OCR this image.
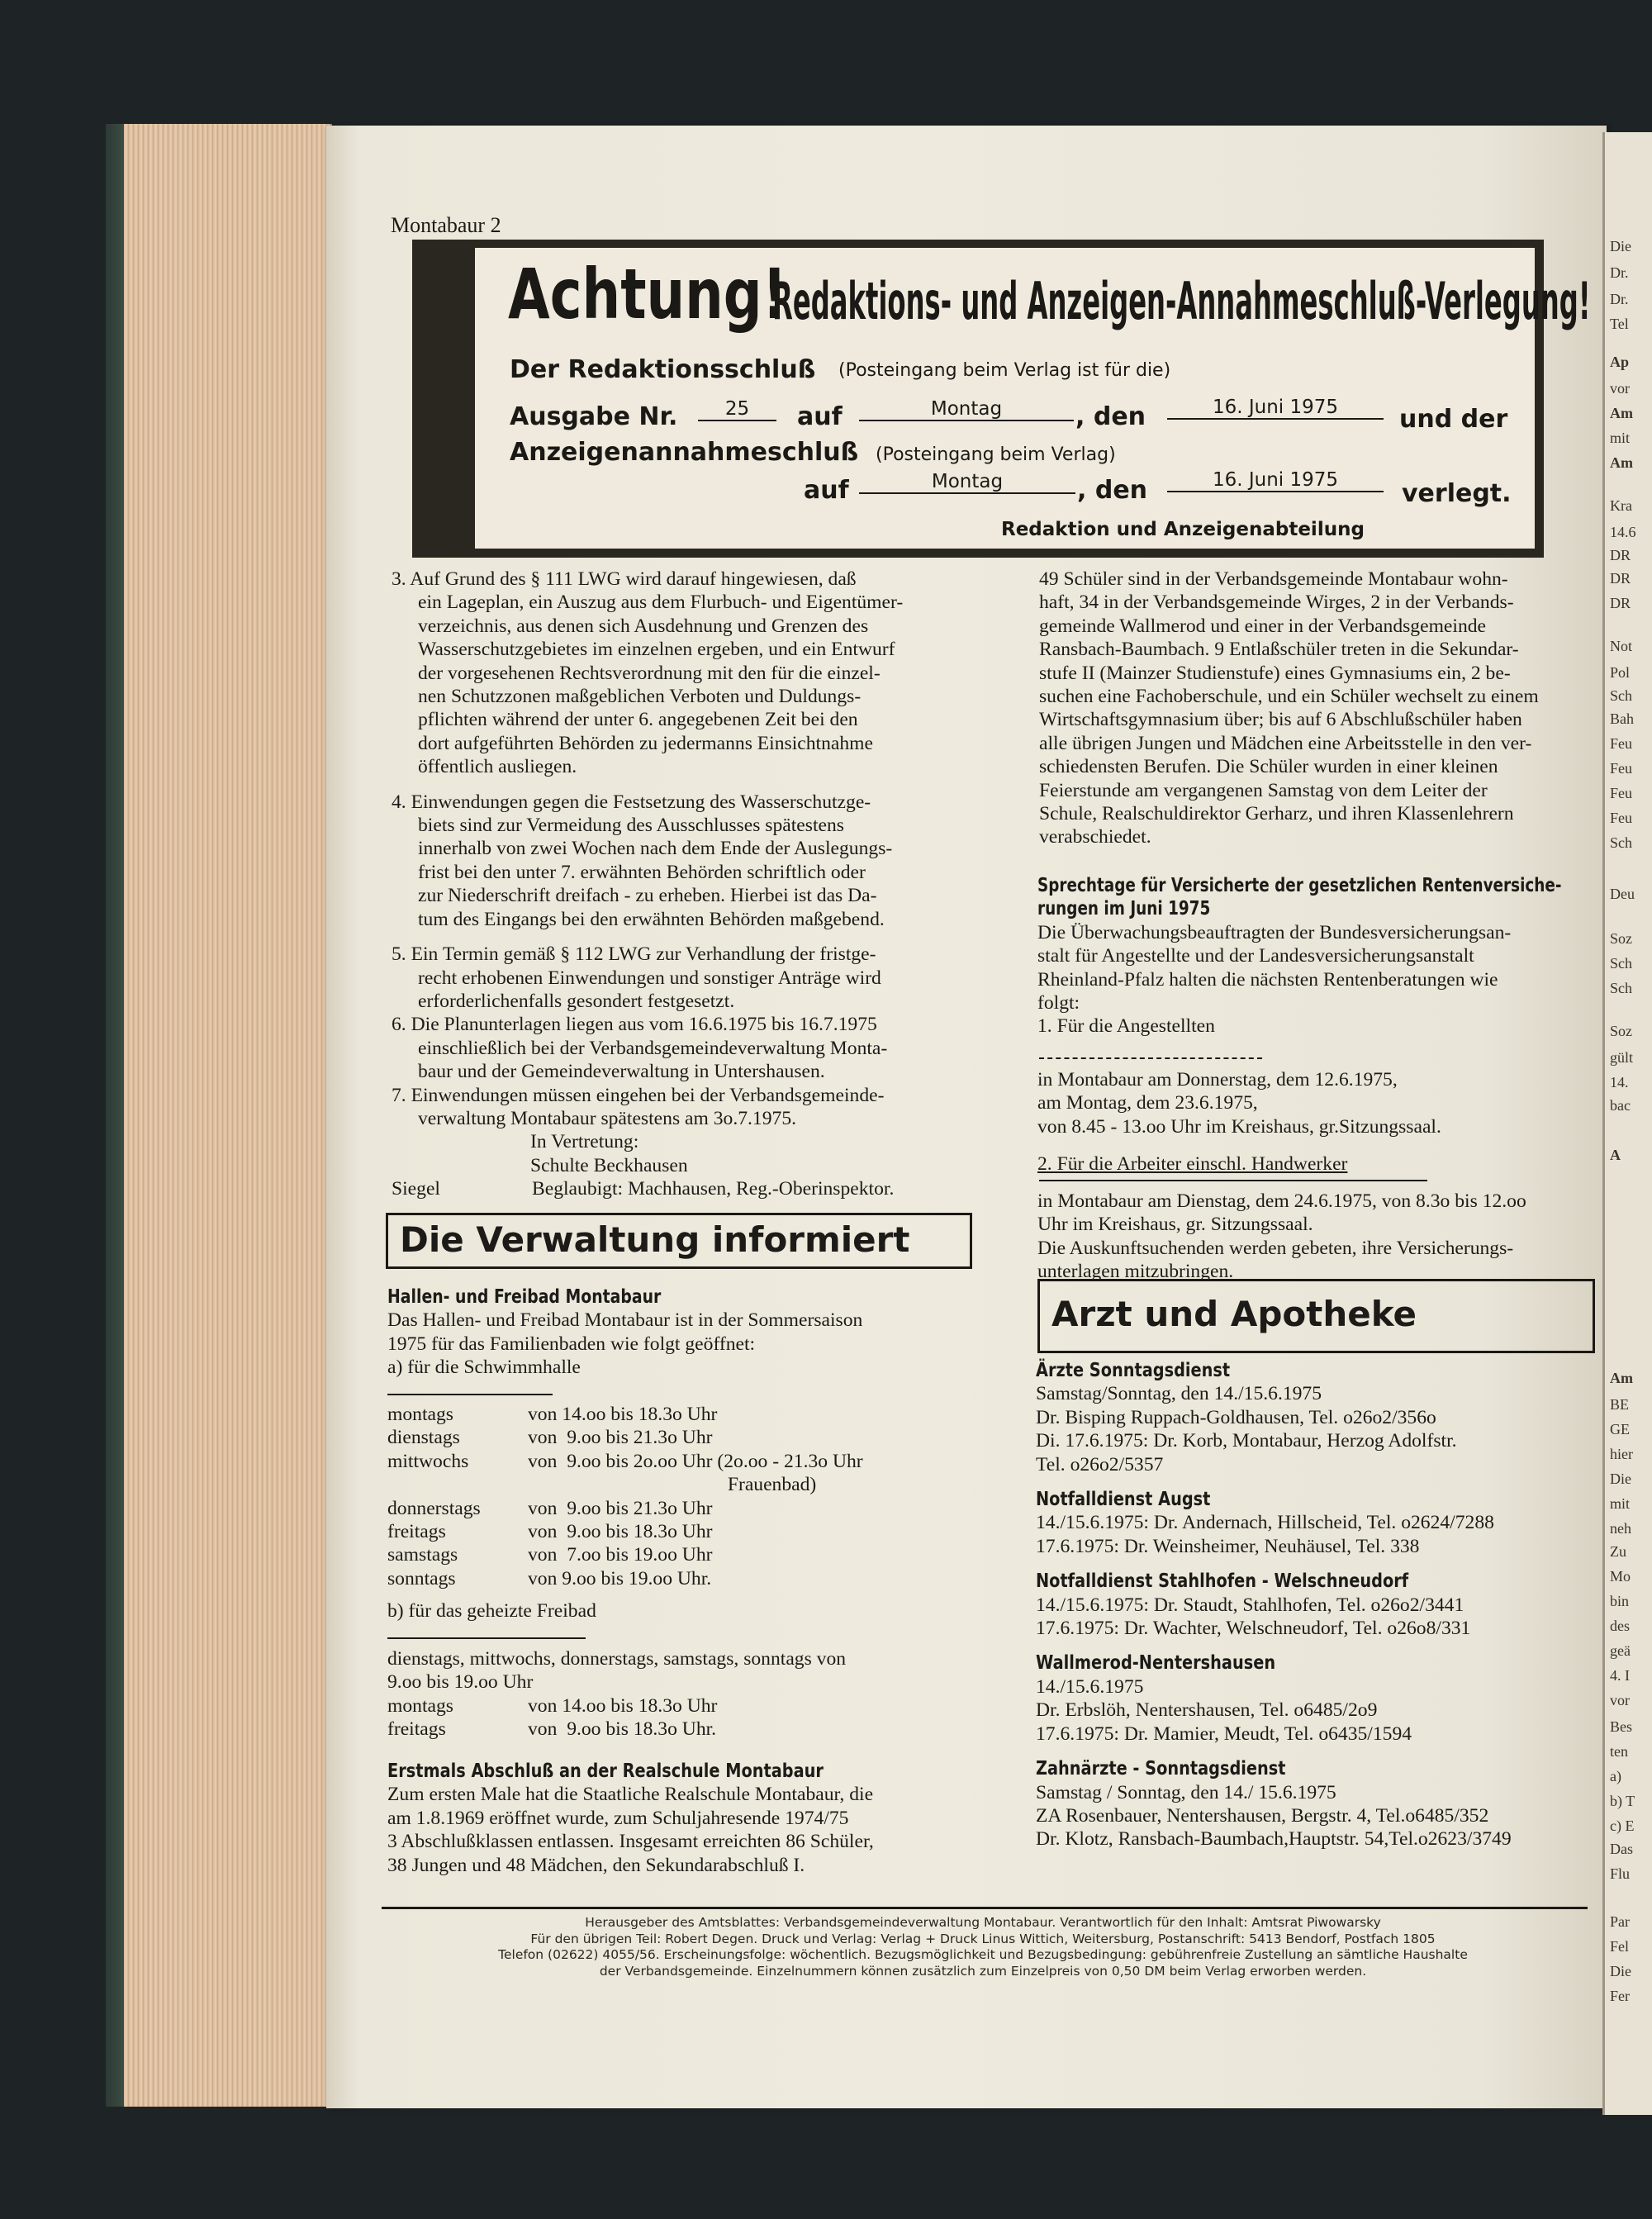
Die
Dr.
Dr.
Tel
Ap
vor
Am
mit
Am
Kra
14.6
DR
DR
DR
Not
Pol
Sch
Bah
Feu
Feu
Feu
Feu
Sch
Deu
Soz
Sch
Sch
Soz
gült
14.
bac
A
Am
BE
GE
hier
Die
mit
neh
Zu
Mo
bin
des
geä
4. I
vor
Bes
ten
a)
b) T
c) E
Das
Flu
Par
Fel
Die
Fer
Montabaur 2
Achtung!
Redaktions- und Anzeigen-Annahmeschluß-Verlegung!
Der Redaktionsschluß (Posteingang beim Verlag ist für die)
Ausgabe Nr.	25	auf	Montag	, den	16. Juni 1975	und der
Anzeigenannahmeschluß (Posteingang beim Verlag)
auf	Montag	, den	16. Juni 1975	verlegt.
Redaktion und Anzeigenabteilung

3. Auf Grund des § 111 LWG wird darauf hingewiesen, daß

ein Lageplan, ein Auszug aus dem Flurbuch- und Eigentümer-

verzeichnis, aus denen sich Ausdehnung und Grenzen des

Wasserschutzgebietes im einzelnen ergeben, und ein Entwurf

der vorgesehenen Rechtsverordnung mit den für die einzel-

nen Schutzzonen maßgeblichen Verboten und Duldungs-

pflichten während der unter 6. angegebenen Zeit bei den

dort aufgeführten Behörden zu jedermanns Einsichtnahme

öffentlich ausliegen.

4. Einwendungen gegen die Festsetzung des Wasserschutzge-

biets sind zur Vermeidung des Ausschlusses spätestens

innerhalb von zwei Wochen nach dem Ende der Auslegungs-

frist bei den unter 7. erwähnten Behörden schriftlich oder

zur Niederschrift dreifach - zu erheben. Hierbei ist das Da-

tum des Eingangs bei den erwähnten Behörden maßgebend.

5. Ein Termin gemäß § 112 LWG zur Verhandlung der fristge-

recht erhobenen Einwendungen und sonstiger Anträge wird

erforderlichenfalls gesondert festgesetzt.

6. Die Planunterlagen liegen aus vom 16.6.1975 bis 16.7.1975

einschließlich bei der Verbandsgemeindeverwaltung Monta-

baur und der Gemeindeverwaltung in Untershausen.

7. Einwendungen müssen eingehen bei der Verbandsgemeinde-

verwaltung Montabaur spätestens am 3o.7.1975.

In Vertretung:

Schulte Beckhausen

Siegel	Beglaubigt: Machhausen, Reg.-Oberinspektor.

Die Verwaltung informiert

Hallen- und Freibad Montabaur

Das Hallen- und Freibad Montabaur ist in der Sommersaison

1975 für das Familienbaden wie folgt geöffnet:

a) für die Schwimmhalle

montags	von 14.oo bis 18.3o Uhr

dienstags	von  9.oo bis 21.3o Uhr

mittwochs	von  9.oo bis 2o.oo Uhr (2o.oo - 21.3o Uhr

Frauenbad)

donnerstags von  9.oo bis 21.3o Uhr

freitags	von  9.oo bis 18.3o Uhr

samstags	von  7.oo bis 19.oo Uhr

sonntags	von 9.oo bis 19.oo Uhr.

b) für das geheizte Freibad

dienstags, mittwochs, donnerstags, samstags, sonntags von

9.oo bis 19.oo Uhr

montags	von 14.oo bis 18.3o Uhr

freitags	von  9.oo bis 18.3o Uhr.

Erstmals Abschluß an der Realschule Montabaur

Zum ersten Male hat die Staatliche Realschule Montabaur, die

am 1.8.1969 eröffnet wurde, zum Schuljahresende 1974/75

3 Abschlußklassen entlassen. Insgesamt erreichten 86 Schüler,

38 Jungen und 48 Mädchen, den Sekundarabschluß I.

49 Schüler sind in der Verbandsgemeinde Montabaur wohn-

haft, 34 in der Verbandsgemeinde Wirges, 2 in der Verbands-

gemeinde Wallmerod und einer in der Verbandsgemeinde

Ransbach-Baumbach. 9 Entlaßschüler treten in die Sekundar-

stufe II (Mainzer Studienstufe) eines Gymnasiums ein, 2 be-

suchen eine Fachoberschule, und ein Schüler wechselt zu einem

Wirtschaftsgymnasium über; bis auf 6 Abschlußschüler haben

alle übrigen Jungen und Mädchen eine Arbeitsstelle in den ver-

schiedensten Berufen. Die Schüler wurden in einer kleinen

Feierstunde am vergangenen Samstag von dem Leiter der

Schule, Realschuldirektor Gerharz, und ihren Klassenlehrern

verabschiedet.

Sprechtage für Versicherte der gesetzlichen Rentenversiche-

rungen im Juni 1975

Die Überwachungsbeauftragten der Bundesversicherungsan-

stalt für Angestellte und der Landesversicherungsanstalt

Rheinland-Pfalz halten die nächsten Rentenberatungen wie

folgt:

1. Für die Angestellten

in Montabaur am Donnerstag, dem 12.6.1975,

am Montag, dem 23.6.1975,

von 8.45 - 13.oo Uhr im Kreishaus, gr.Sitzungssaal.

2. Für die Arbeiter einschl. Handwerker

in Montabaur am Dienstag, dem 24.6.1975, von 8.3o bis 12.oo

Uhr im Kreishaus, gr. Sitzungssaal.

Die Auskunftsuchenden werden gebeten, ihre Versicherungs-

unterlagen mitzubringen.

Arzt und Apotheke

Ärzte Sonntagsdienst

Samstag/Sonntag, den 14./15.6.1975

Dr. Bisping Ruppach-Goldhausen, Tel. o26o2/356o

Di. 17.6.1975: Dr. Korb, Montabaur, Herzog Adolfstr.

Tel. o26o2/5357

Notfalldienst Augst

14./15.6.1975: Dr. Andernach, Hillscheid, Tel. o2624/7288

17.6.1975: Dr. Weinsheimer, Neuhäusel, Tel. 338

Notfalldienst Stahlhofen - Welschneudorf

14./15.6.1975: Dr. Staudt, Stahlhofen, Tel. o26o2/3441

17.6.1975: Dr. Wachter, Welschneudorf, Tel. o26o8/331

Wallmerod-Nentershausen

14./15.6.1975

Dr. Erbslöh, Nentershausen, Tel. o6485/2o9

17.6.1975: Dr. Mamier, Meudt, Tel. o6435/1594

Zahnärzte - Sonntagsdienst

Samstag / Sonntag, den 14./ 15.6.1975

ZA Rosenbauer, Nentershausen, Bergstr. 4, Tel.o6485/352

Dr. Klotz, Ransbach-Baumbach,Hauptstr. 54,Tel.o2623/3749

Herausgeber des Amtsblattes: Verbandsgemeindeverwaltung Montabaur. Verantwortlich für den Inhalt: Amtsrat Piwowarsky
Für den übrigen Teil: Robert Degen. Druck und Verlag: Verlag + Druck Linus Wittich, Weitersburg, Postanschrift: 5413 Bendorf, Postfach 1805
Telefon (02622) 4055/56. Erscheinungsfolge: wöchentlich. Bezugsmöglichkeit und Bezugsbedingung: gebührenfreie Zustellung an sämtliche Haushalte
der Verbandsgemeinde. Einzelnummern können zusätzlich zum Einzelpreis von 0,50 DM beim Verlag erworben werden.
